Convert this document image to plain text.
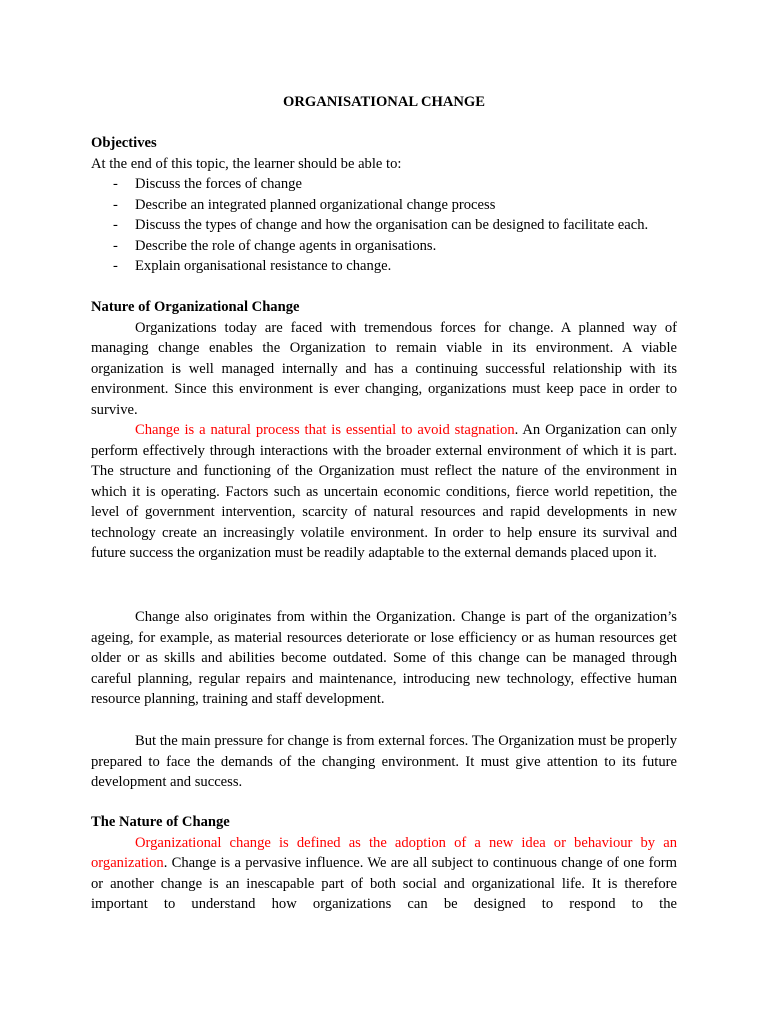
ORGANISATIONAL CHANGE

Objectives

At the end of this topic, the learner should be able to:

- Discuss the forces of change
- Describe an integrated planned organizational change process
- Discuss the types of change and how the organisation can be designed to facilitate each.
- Describe the role of change agents in organisations.
- Explain organisational resistance to change.

Nature of Organizational Change

Organizations today are faced with tremendous forces for change. A planned way of managing change enables the Organization to remain viable in its environment. A viable organization is well managed internally and has a continuing successful relationship with its environment. Since this environment is ever changing, organizations must keep pace in order to survive.

Change is a natural process that is essential to avoid stagnation. An Organization can only perform effectively through interactions with the broader external environment of which it is part. The structure and functioning of the Organization must reflect the nature of the environment in which it is operating. Factors such as uncertain economic conditions, fierce world repetition, the level of government intervention, scarcity of natural resources and rapid developments in new technology create an increasingly volatile environment. In order to help ensure its survival and future success the organization must be readily adaptable to the external demands placed upon it.

Change also originates from within the Organization. Change is part of the organization’s ageing, for example, as material resources deteriorate or lose efficiency or as human resources get older or as skills and abilities become outdated. Some of this change can be managed through careful planning, regular repairs and maintenance, introducing new technology, effective human resource planning, training and staff development.

But the main pressure for change is from external forces. The Organization must be properly prepared to face the demands of the changing environment. It must give attention to its future development and success.

The Nature of Change

Organizational change is defined as the adoption of a new idea or behaviour by an organization. Change is a pervasive influence. We are all subject to continuous change of one form or another change is an inescapable part of both social and organizational life. It is therefore important to understand how organizations can be designed to respond to the
